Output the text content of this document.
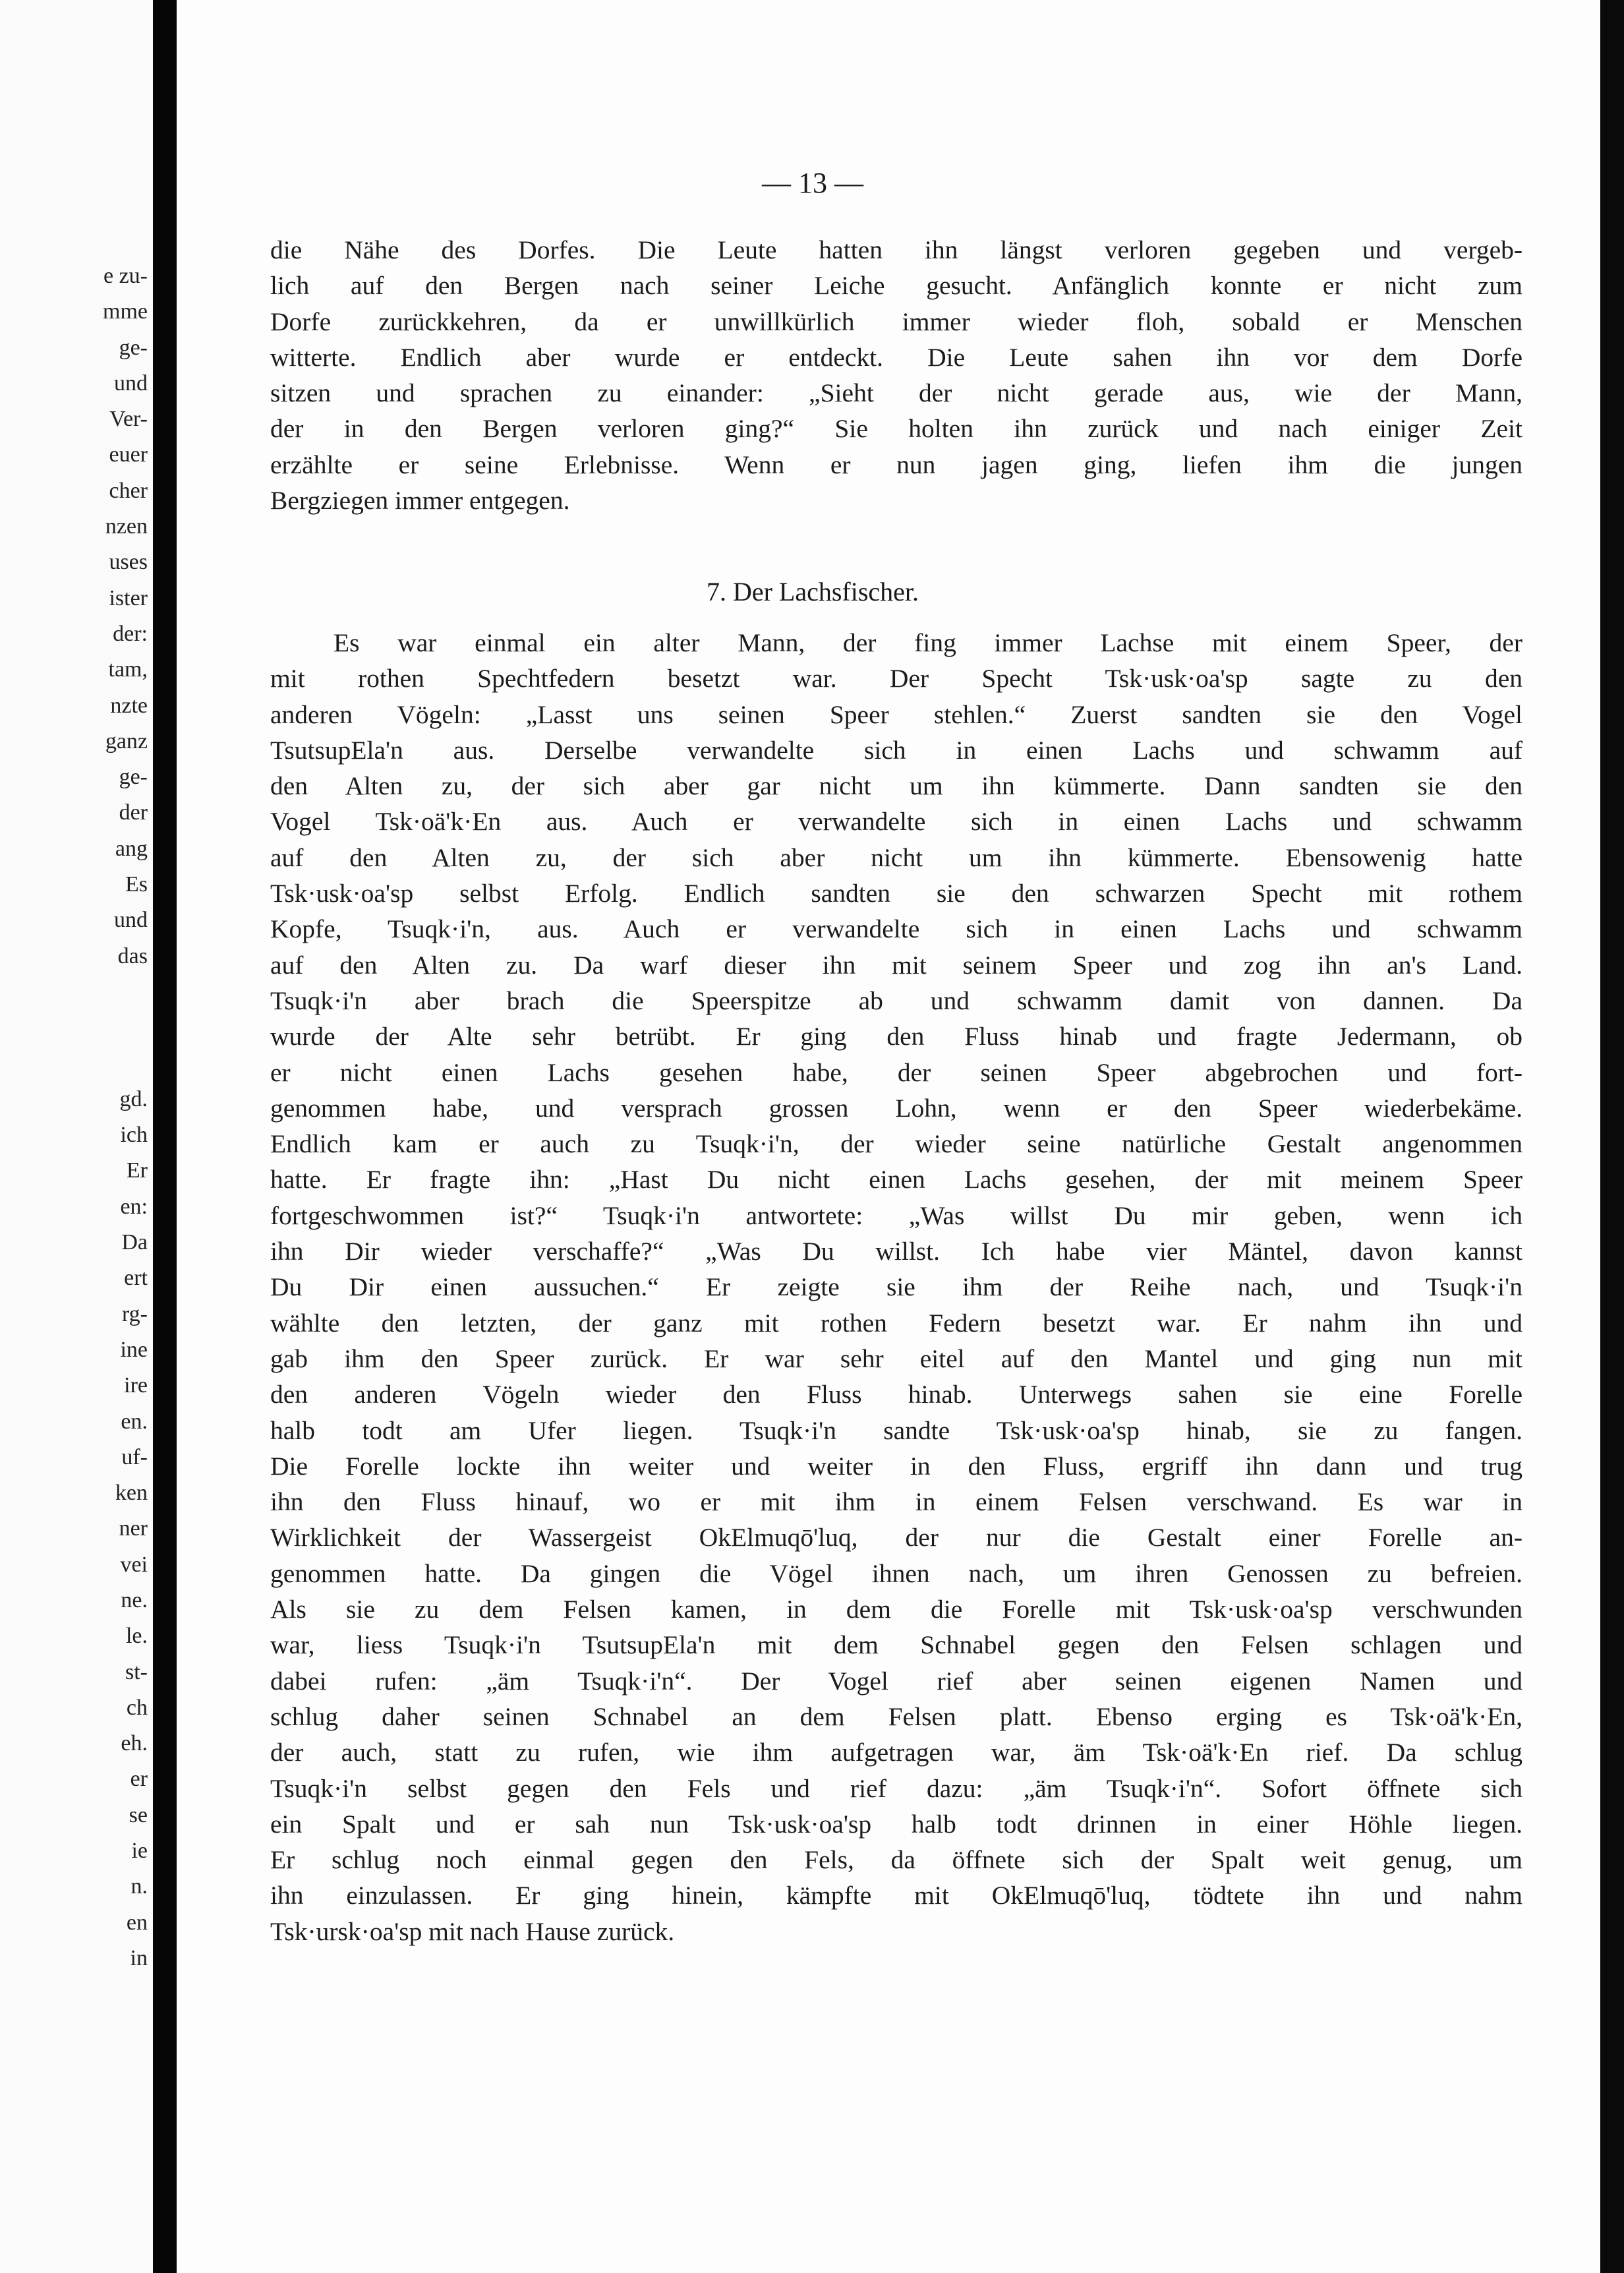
e zu-
mme
ge-
und
Ver-
euer
cher
nzen
uses
ister
der:
tam,
nzte
ganz
ge-
der
ang
Es
und
das
gd.
ich
Er
en:
Da
ert
rg-
ine
ire
en.
uf-
ken
ner
vei
ne.
le.
st-
ch
eh.
er
se
ie
n.
en
in
— 13 —
die Nähe des Dorfes. Die Leute hatten ihn längst verloren gegeben und vergeb-
lich auf den Bergen nach seiner Leiche gesucht. Anfänglich konnte er nicht zum
Dorfe zurückkehren, da er unwillkürlich immer wieder floh, sobald er Menschen
witterte. Endlich aber wurde er entdeckt. Die Leute sahen ihn vor dem Dorfe
sitzen und sprachen zu einander: „Sieht der nicht gerade aus, wie der Mann,
der in den Bergen verloren ging?“ Sie holten ihn zurück und nach einiger Zeit
erzählte er seine Erlebnisse. Wenn er nun jagen ging, liefen ihm die jungen
Bergziegen immer entgegen.
7. Der Lachsfischer.
Es war einmal ein alter Mann, der fing immer Lachse mit einem Speer, der
mit rothen Spechtfedern besetzt war. Der Specht Tsk·usk·oa'sp sagte zu den
anderen Vögeln: „Lasst uns seinen Speer stehlen.“ Zuerst sandten sie den Vogel
TsutsupEla'n aus. Derselbe verwandelte sich in einen Lachs und schwamm auf
den Alten zu, der sich aber gar nicht um ihn kümmerte. Dann sandten sie den
Vogel Tsk·oä'k·En aus. Auch er verwandelte sich in einen Lachs und schwamm
auf den Alten zu, der sich aber nicht um ihn kümmerte. Ebensowenig hatte
Tsk·usk·oa'sp selbst Erfolg. Endlich sandten sie den schwarzen Specht mit rothem
Kopfe, Tsuqk·i'n, aus. Auch er verwandelte sich in einen Lachs und schwamm
auf den Alten zu. Da warf dieser ihn mit seinem Speer und zog ihn an's Land.
Tsuqk·i'n aber brach die Speerspitze ab und schwamm damit von dannen. Da
wurde der Alte sehr betrübt. Er ging den Fluss hinab und fragte Jedermann, ob
er nicht einen Lachs gesehen habe, der seinen Speer abgebrochen und fort-
genommen habe, und versprach grossen Lohn, wenn er den Speer wiederbekäme.
Endlich kam er auch zu Tsuqk·i'n, der wieder seine natürliche Gestalt angenommen
hatte. Er fragte ihn: „Hast Du nicht einen Lachs gesehen, der mit meinem Speer
fortgeschwommen ist?“ Tsuqk·i'n antwortete: „Was willst Du mir geben, wenn ich
ihn Dir wieder verschaffe?“ „Was Du willst. Ich habe vier Mäntel, davon kannst
Du Dir einen aussuchen.“ Er zeigte sie ihm der Reihe nach, und Tsuqk·i'n
wählte den letzten, der ganz mit rothen Federn besetzt war. Er nahm ihn und
gab ihm den Speer zurück. Er war sehr eitel auf den Mantel und ging nun mit
den anderen Vögeln wieder den Fluss hinab. Unterwegs sahen sie eine Forelle
halb todt am Ufer liegen. Tsuqk·i'n sandte Tsk·usk·oa'sp hinab, sie zu fangen.
Die Forelle lockte ihn weiter und weiter in den Fluss, ergriff ihn dann und trug
ihn den Fluss hinauf, wo er mit ihm in einem Felsen verschwand. Es war in
Wirklichkeit der Wassergeist OkElmuqō'luq, der nur die Gestalt einer Forelle an-
genommen hatte. Da gingen die Vögel ihnen nach, um ihren Genossen zu befreien.
Als sie zu dem Felsen kamen, in dem die Forelle mit Tsk·usk·oa'sp verschwunden
war, liess Tsuqk·i'n TsutsupEla'n mit dem Schnabel gegen den Felsen schlagen und
dabei rufen: „äm Tsuqk·i'n“. Der Vogel rief aber seinen eigenen Namen und
schlug daher seinen Schnabel an dem Felsen platt. Ebenso erging es Tsk·oä'k·En,
der auch, statt zu rufen, wie ihm aufgetragen war, äm Tsk·oä'k·En rief. Da schlug
Tsuqk·i'n selbst gegen den Fels und rief dazu: „äm Tsuqk·i'n“. Sofort öffnete sich
ein Spalt und er sah nun Tsk·usk·oa'sp halb todt drinnen in einer Höhle liegen.
Er schlug noch einmal gegen den Fels, da öffnete sich der Spalt weit genug, um
ihn einzulassen. Er ging hinein, kämpfte mit OkElmuqō'luq, tödtete ihn und nahm
Tsk·ursk·oa'sp mit nach Hause zurück.
